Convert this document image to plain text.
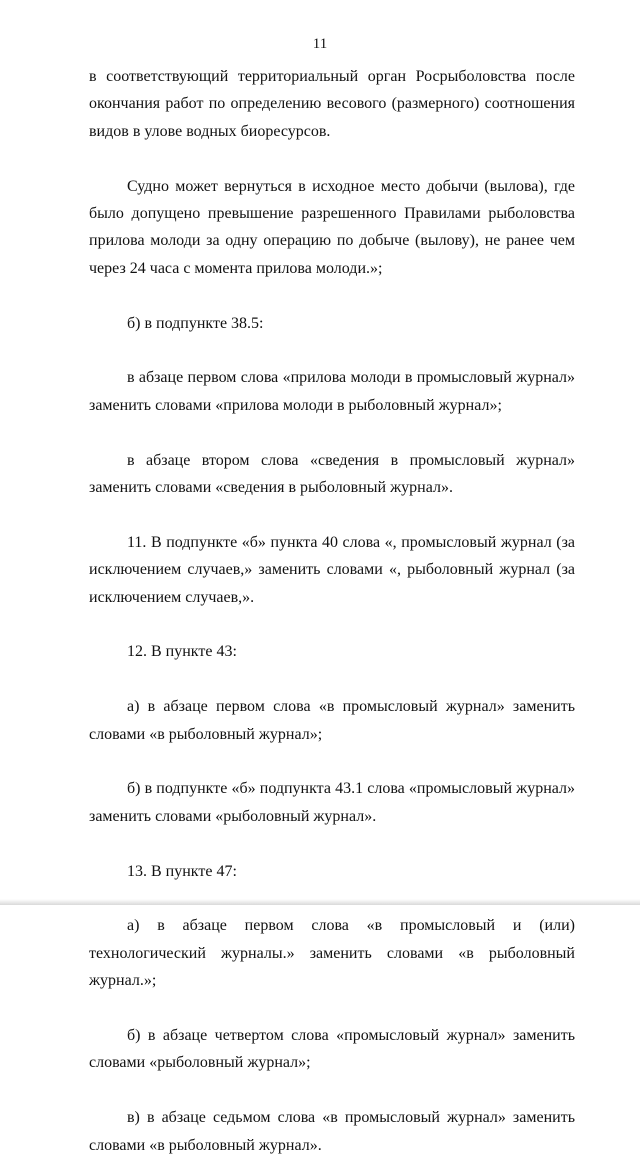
11

в соответствующий территориальный орган Росрыболовства после окончания работ по определению весового (размерного) соотношения видов в улове водных биоресурсов.

Судно может вернуться в исходное место добычи (вылова), где было допущено превышение разрешенного Правилами рыболовства прилова молоди за одну операцию по добыче (вылову), не ранее чем через 24 часа с момента прилова молоди.»;

б) в подпункте 38.5:

в абзаце первом слова «прилова молоди в промысловый журнал» заменить словами «прилова молоди в рыболовный журнал»;

в абзаце втором слова «сведения в промысловый журнал» заменить словами «сведения в рыболовный журнал».

11. В подпункте «б» пункта 40 слова «, промысловый журнал (за исключением случаев,» заменить словами «, рыболовный журнал (за исключением случаев,».

12. В пункте 43:

а) в абзаце первом слова «в промысловый журнал» заменить словами «в рыболовный журнал»;

б) в подпункте «б» подпункта 43.1 слова «промысловый журнал» заменить словами «рыболовный журнал».

13. В пункте 47:

а) в абзаце первом слова «в промысловый и (или) технологический журналы.» заменить словами «в рыболовный журнал.»;

б) в абзаце четвертом слова «промысловый журнал» заменить словами «рыболовный журнал»;

в) в абзаце седьмом слова «в промысловый журнал» заменить словами «в рыболовный журнал».
